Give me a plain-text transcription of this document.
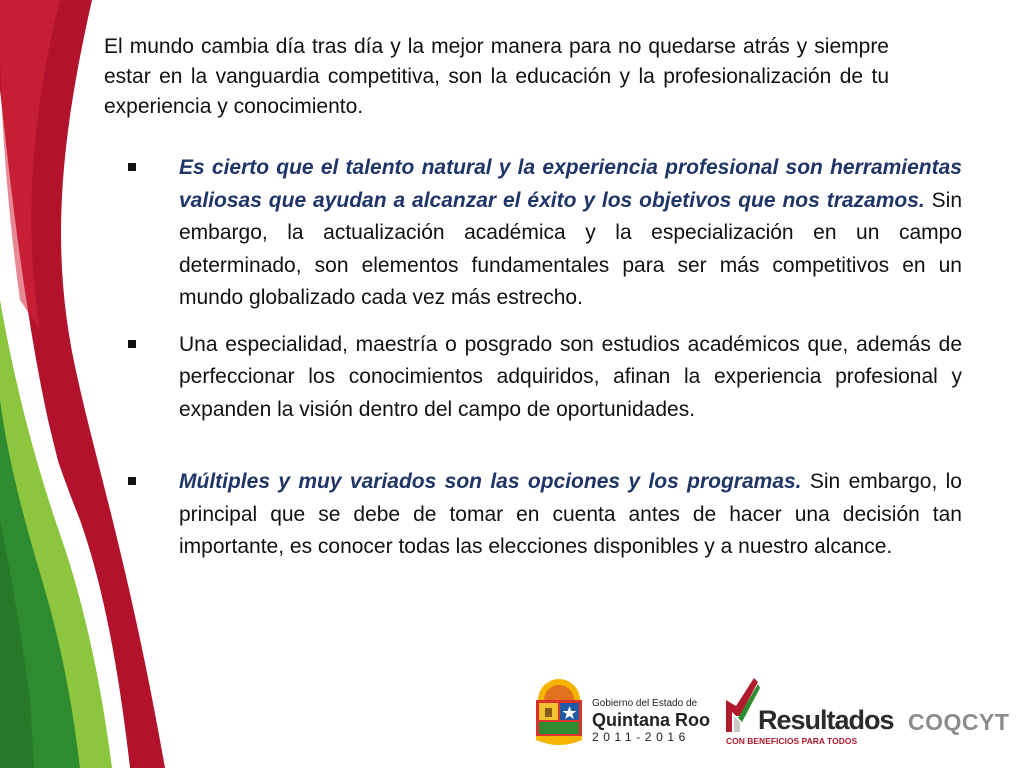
El mundo cambia día tras día y la mejor manera para no quedarse atrás y siempre estar en la vanguardia competitiva, son la educación y la profesionalización de tu experiencia y conocimiento.

Es cierto que el talento natural y la experiencia profesional son herramientas valiosas que ayudan a alcanzar el éxito y los objetivos que nos trazamos. Sin embargo, la actualización académica y la especialización en un campo determinado, son elementos fundamentales para ser más competitivos en un mundo globalizado cada vez más estrecho.
Una especialidad, maestría o posgrado son estudios académicos que, además de perfeccionar los conocimientos adquiridos, afinan la experiencia profesional y expanden la visión dentro del campo de oportunidades.
Múltiples y muy variados son las opciones y los programas. Sin embargo, lo principal que se debe de tomar en cuenta antes de hacer una decisión tan importante, es conocer todas las elecciones disponibles y a nuestro alcance.
Gobierno del Estado de
Quintana Roo
2011-2016
Resultados
CON BENEFICIOS PARA TODOS
COQCYT
